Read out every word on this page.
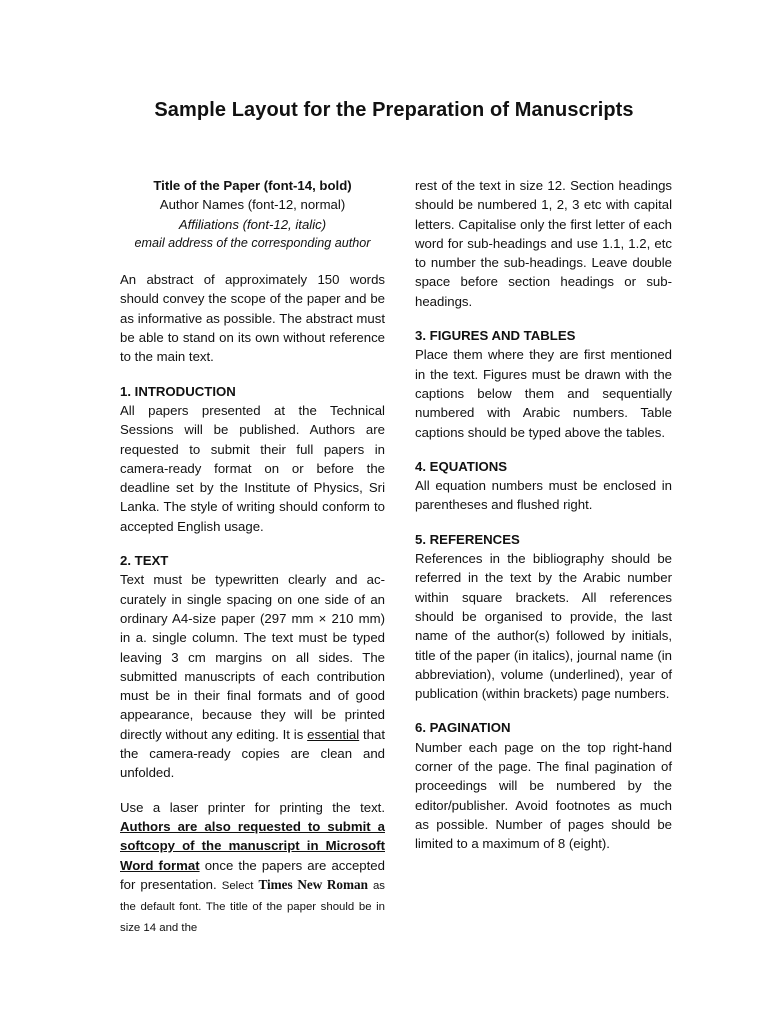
Sample Layout for the Preparation of Manuscripts
Title of the Paper (font-14, bold)
Author Names (font-12, normal)
Affiliations (font-12, italic)
email address of the corresponding author

An abstract of approximately 150 words should convey the scope of the paper and be as informative as possible. The abstract must be able to stand on its own without reference to the main text.

1. INTRODUCTION

All papers presented at the Technical Sessions will be published. Authors are requested to submit their full papers in camera-ready format on or before the deadline set by the Institute of Physics, Sri Lanka. The style of writing should conform to accepted English usage.

2. TEXT

Text must be typewritten clearly and accurately in single spacing on one side of an ordinary A4-size paper (297 mm × 210 mm) in a. single column. The text must be typed leaving 3 cm margins on all sides. The submitted manuscripts of each contribution must be in their final formats and of good appearance, because they will be printed directly without any editing. It is essential that the camera-ready copies are clean and unfolded.

Use a laser printer for printing the text. Authors are also requested to submit a softcopy of the manuscript in Microsoft Word format once the papers are accepted for presentation. Select Times New Roman as the default font. The title of the paper should be in size 14 and the

rest of the text in size 12. Section headings should be numbered 1, 2, 3 etc with capital letters. Capitalise only the first letter of each word for sub-headings and use 1.1, 1.2, etc to number the sub-headings. Leave double space before section headings or sub-headings.

3. FIGURES AND TABLES

Place them where they are first mentioned in the text. Figures must be drawn with the captions below them and sequentially numbered with Arabic numbers. Table captions should be typed above the tables.

4. EQUATIONS

All equation numbers must be enclosed in parentheses and flushed right.

5. REFERENCES

References in the bibliography should be referred in the text by the Arabic number within square brackets. All references should be organised to provide, the last name of the author(s) followed by initials, title of the paper (in italics), journal name (in abbreviation), volume (underlined), year of publication (within brackets) page numbers.

6. PAGINATION

Number each page on the top right-hand corner of the page. The final pagination of proceedings will be numbered by the editor/publisher. Avoid footnotes as much as possible. Number of pages should be limited to a maximum of 8 (eight).
